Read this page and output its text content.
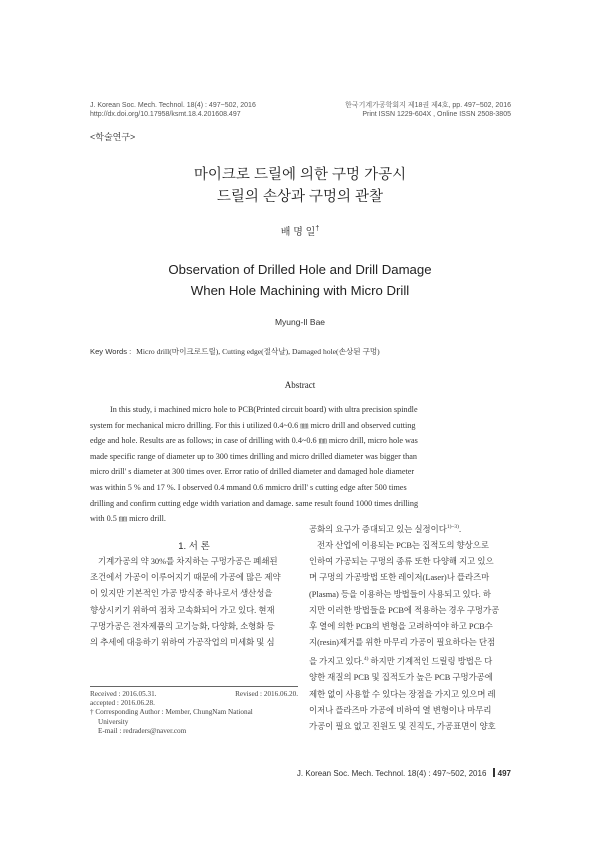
J. Korean Soc. Mech. Technol. 18(4) : 497~502, 2016
http://dx.doi.org/10.17958/ksmt.18.4.201608.497
한국기계가공학회지 제18권 제4호, pp. 497~502, 2016
Print ISSN 1229-604X , Online ISSN 2508-3805
<학술연구>
마이크로 드릴에 의한 구멍 가공시
드릴의 손상과 구멍의 관찰
배 명 일†
Observation of Drilled Hole and Drill Damage
When Hole Machining with Micro Drill
Myung-Il Bae
Key Words : Micro drill(마이크로드릴), Cutting edge(절삭날), Damaged hole(손상된 구멍)
Abstract
In this study, i machined micro hole to PCB(Printed circuit board) with ultra precision spindle
system for mechanical micro drilling. For this i utilized 0.4~0.6 ㎜ micro drill and observed cutting
edge and hole. Results are as follows; in case of drilling with 0.4~0.6 ㎜ micro drill, micro hole was
made specific range of diameter up to 300 times drilling and micro drilled diameter was bigger than
micro drill' s diameter at 300 times over. Error ratio of drilled diameter and damaged hole diameter
was within 5 % and 17 %. I observed 0.4 mmand 0.6 mmicro drill' s cutting edge after 500 times
drilling and confirm cutting edge width variation and damage. same result found 1000 times drilling
with 0.5 ㎜ micro drill.
1. 서 론
기계가공의 약 30%를 차지하는 구멍가공은 폐쇄된
조건에서 가공이 이루어지기 때문에 가공에 많은 제약
이 있지만 기본적인 가공 방식중 하나로서 생산성을
향상시키기 위하여 점차 고속화되어 가고 있다. 현재
구멍가공은 전자제품의 고기능화, 다양화, 소형화 등
의 추세에 대응하기 위하여 가공작업의 미세화 및 심
Received : 2016.05.31.	Revised : 2016.06.20.
accepted : 2016.06.28.
† Corresponding Author : Member, ChungNam National
University
E-mail : redraders@naver.com
공화의 요구가 증대되고 있는 실정이다$^{1)\sim 3)}$.
전자 산업에 이용되는 PCB는 집적도의 향상으로
인하여 가공되는 구멍의 종류 또한 다양해 지고 있으
며 구멍의 가공방법 또한 레이저(Laser)나 플라즈마
(Plasma) 등을 이용하는 방법들이 사용되고 있다. 하
지만 이러한 방법들을 PCB에 적용하는 경우 구멍가공
후 열에 의한 PCB의 변형을 고려하여야 하고 PCB수
지(resin)제거를 위한 마무리 가공이 필요하다는 단점
을 가지고 있다.$^{4)}$ 하지만 기계적인 드릴링 방법은 다
양한 재질의 PCB 및 집적도가 높은 PCB 구멍가공에
제한 없이 사용할 수 있다는 장점을 가지고 있으며 레
이저나 플라즈마 가공에 비하여 열 변형이나 마무리
가공이 필요 없고 진원도 및 진직도, 가공표면이 양호
J. Korean Soc. Mech. Technol. 18(4) : 497~502, 2016 497
